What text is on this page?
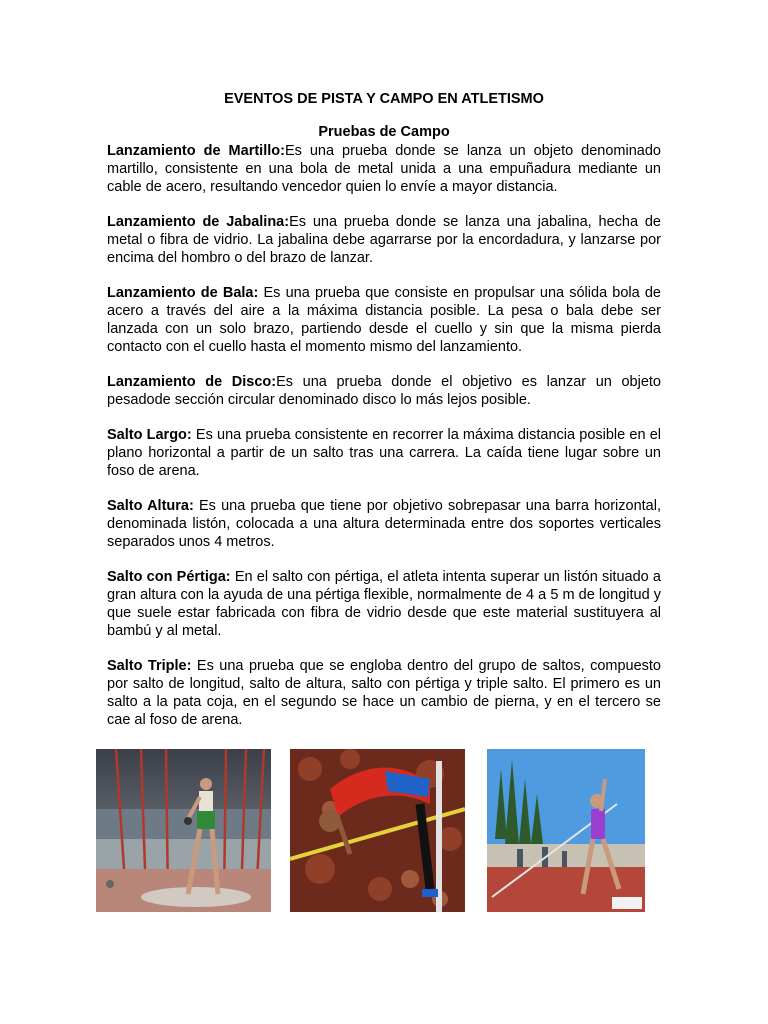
EVENTOS DE PISTA Y CAMPO EN ATLETISMO
Pruebas de Campo

Lanzamiento de Martillo:Es una prueba donde se lanza un objeto denominado martillo, consistente en una bola de metal unida a una empuñadura mediante un cable de acero, resultando vencedor quien lo envíe a mayor distancia.

Lanzamiento de Jabalina:Es una prueba donde se lanza una jabalina, hecha de metal o fibra de vidrio. La jabalina debe agarrarse por la encordadura, y lanzarse por encima del hombro o del brazo de lanzar.

Lanzamiento de Bala: Es una prueba que consiste en propulsar una sólida bola de acero a través del aire a la máxima distancia posible. La pesa o bala debe ser lanzada con un solo brazo, partiendo desde el cuello y sin que la misma pierda contacto con el cuello hasta el momento mismo del lanzamiento.

Lanzamiento de Disco:Es una prueba donde el objetivo es lanzar un objeto pesadode sección circular denominado disco lo más lejos posible.

Salto Largo: Es una prueba consistente en recorrer la máxima distancia posible en el plano horizontal a partir de un salto tras una carrera. La caída tiene lugar sobre un foso de arena.

Salto Altura: Es una prueba que tiene por objetivo sobrepasar una barra horizontal, denominada listón, colocada a una altura determinada entre dos soportes verticales separados unos 4 metros.

Salto con Pértiga: En el salto con pértiga, el atleta intenta superar un listón situado a gran altura con la ayuda de una pértiga flexible, normalmente de 4 a 5 m de longitud y que suele estar fabricada con fibra de vidrio desde que este material sustituyera al bambú y al metal.

Salto Triple: Es una prueba que se engloba dentro del grupo de saltos, compuesto por salto de longitud, salto de altura, salto con pértiga y triple salto. El primero es un salto a la pata coja, en el segundo se hace un cambio de pierna, y en el tercero se cae al foso de arena.
